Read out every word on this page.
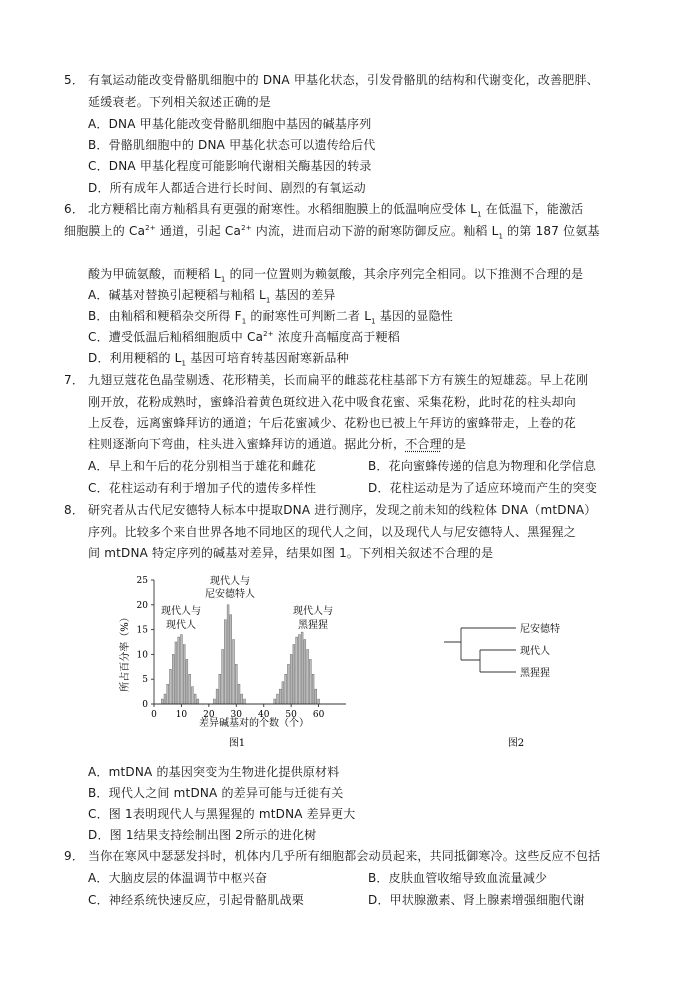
5． 有氧运动能改变骨骼肌细胞中的 DNA 甲基化状态，引发骨骼肌的结构和代谢变化，改善肥胖、
延缓衰老。下列相关叙述正确的是
A．DNA 甲基化能改变骨骼肌细胞中基因的碱基序列
B．骨骼肌细胞中的 DNA 甲基化状态可以遗传给后代
C．DNA 甲基化程度可能影响代谢相关酶基因的转录
D．所有成年人都适合进行长时间、剧烈的有氧运动
6． 北方粳稻比南方籼稻具有更强的耐寒性。水稻细胞膜上的低温响应受体 $L_1$ 在低温下，能激活
细胞膜上的 $Ca^{2+}$ 通道，引起 $Ca^{2+}$ 内流，进而启动下游的耐寒防御反应。籼稻 $L_1$ 的第 187 位氨基
酸为甲硫氨酸，而粳稻 $L_1$ 的同一位置则为赖氨酸，其余序列完全相同。以下推测不合理的是
A．碱基对替换引起粳稻与籼稻 $L_1$ 基因的差异
B．由籼稻和粳稻杂交所得 $F_1$ 的耐寒性可判断二者 $L_1$ 基因的显隐性
C．遭受低温后籼稻细胞质中 $Ca^{2+}$ 浓度升高幅度高于粳稻
D．利用粳稻的 $L_1$ 基因可培育转基因耐寒新品种
7． 九翅豆蔻花色晶莹剔透、花形精美，长而扁平的雌蕊花柱基部下方有簇生的短雄蕊。早上花刚
刚开放，花粉成熟时，蜜蜂沿着黄色斑纹进入花中吸食花蜜、采集花粉，此时花的柱头却向
上反卷，远离蜜蜂拜访的通道；午后花蜜减少、花粉也已被上午拜访的蜜蜂带走，上卷的花
柱则逐渐向下弯曲，柱头进入蜜蜂拜访的通道。据此分析，不合理的是
A．早上和午后的花分别相当于雄花和雌花	B．花向蜜蜂传递的信息为物理和化学信息
C．花柱运动有利于增加子代的遗传多样性	D．花柱运动是为了适应环境而产生的突变
8． 研究者从古代尼安德特人标本中提取DNA 进行测序，发现之前未知的线粒体 DNA（mtDNA）
序列。比较多个来自世界各地不同地区的现代人之间，以及现代人与尼安德特人、黑猩猩之
间 mtDNA 特定序列的碱基对差异，结果如图 1。下列相关叙述不合理的是
0 10 20 30 40 50 60
0
5
10
15
20
25
所占百分率（%）
差异碱基对的个数（个）
图1
现代人与
现代人
现代人与
尼安德特人
现代人与
黑猩猩	尼安德特
现代人
黑猩猩
图2
A．mtDNA 的基因突变为生物进化提供原材料
B．现代人之间 mtDNA 的差异可能与迁徙有关
C．图 1表明现代人与黑猩猩的 mtDNA 差异更大
D．图 1结果支持绘制出图 2所示的进化树
9． 当你在寒风中瑟瑟发抖时，机体内几乎所有细胞都会动员起来，共同抵御寒冷。这些反应不包括
A．大脑皮层的体温调节中枢兴奋	B．皮肤血管收缩导致血流量减少
C．神经系统快速反应，引起骨骼肌战栗	D．甲状腺激素、肾上腺素增强细胞代谢
